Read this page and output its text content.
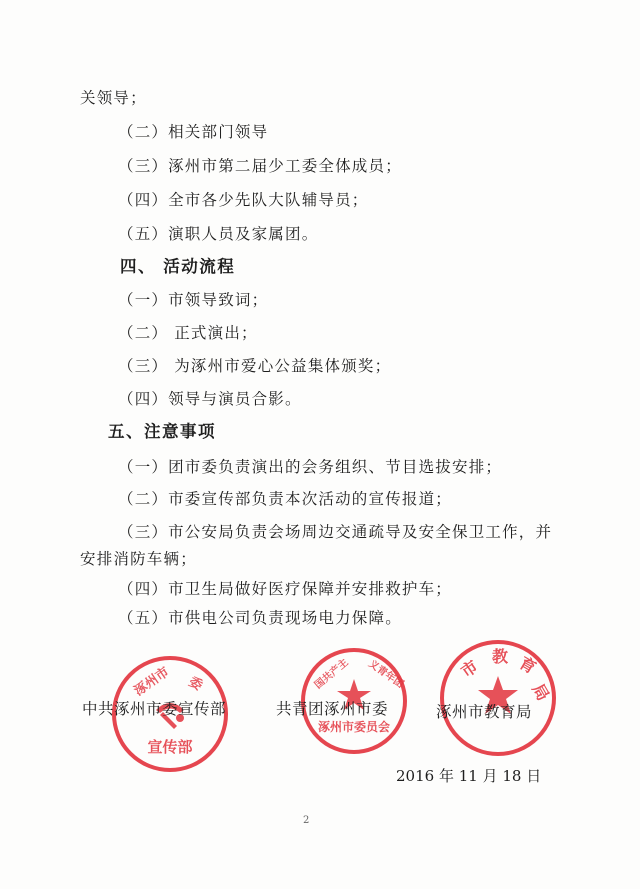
关领导；
（二）相关部门领导
（三）涿州市第二届少工委全体成员；
（四）全市各少先队大队辅导员；
（五）演职人员及家属团。
四、 活动流程
（一）市领导致词；
（二） 正式演出；
（三） 为涿州市爱心公益集体颁奖；
（四）领导与演员合影。
五、注意事项
（一）团市委负责演出的会务组织、节目选拔安排；
（二）市委宣传部负责本次活动的宣传报道；
（三）市公安局负责会场周边交通疏导及安全保卫工作，并
安排消防车辆；
（四）市卫生局做好医疗保障并安排救护车；
（五）市供电公司负责现场电力保障。
宣传部
涿州市 委
涿州市委员会
国共产主 义青年团	市
教 育
局
中共涿州市委宣传部	共青团涿州市委	涿州市教育局
2016 年 11 月 18 日
2
